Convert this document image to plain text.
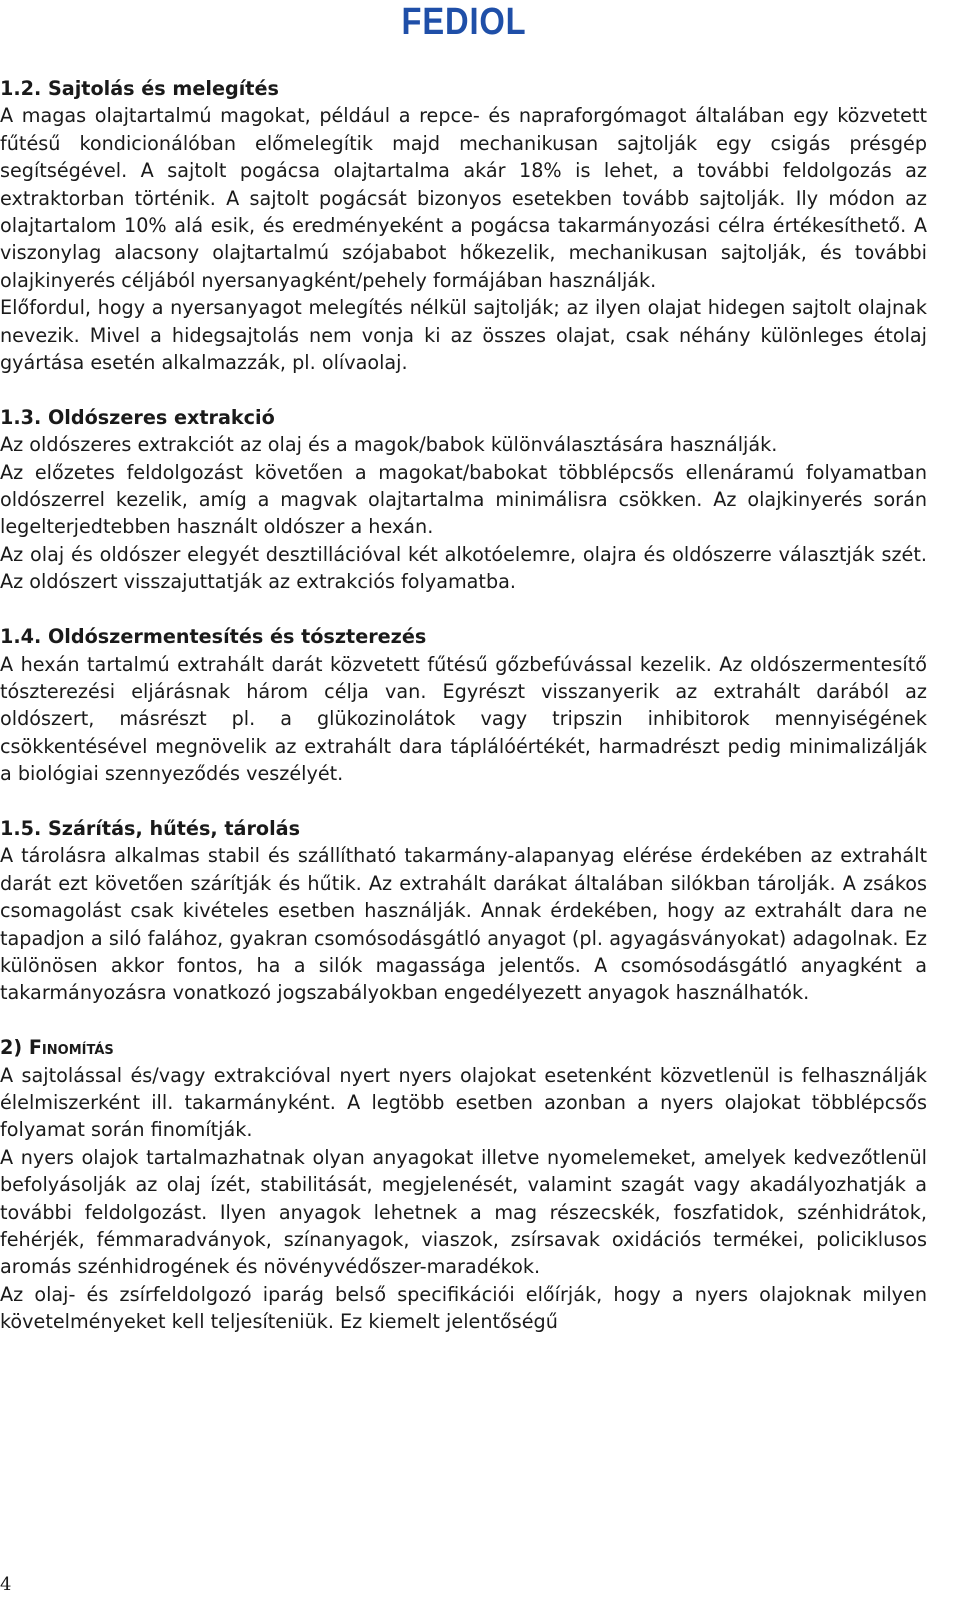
FEDIOL

1.2. Sajtolás és melegítés

A magas olajtartalmú magokat, például a repce- és napraforgómagot általában egy közvetett fűtésű kondicionálóban előmelegítik majd mechanikusan sajtolják egy csigás présgép segítségével. A sajtolt pogácsa olajtartalma akár 18% is lehet, a további feldolgozás az extraktorban történik. A sajtolt pogácsát bizonyos esetekben tovább sajtolják. Ily módon az olajtartalom 10% alá esik, és eredményeként a pogácsa takarmányozási célra értékesíthető. A viszonylag alacsony olajtartalmú szójababot hőkezelik, mechanikusan sajtolják, és további olajkinyerés céljából nyersanyagként/pehely formájában használják.

Előfordul, hogy a nyersanyagot melegítés nélkül sajtolják; az ilyen olajat hidegen sajtolt olajnak nevezik. Mivel a hidegsajtolás nem vonja ki az összes olajat, csak néhány különleges étolaj gyártása esetén alkalmazzák, pl. olívaolaj.

1.3. Oldószeres extrakció

Az oldószeres extrakciót az olaj és a magok/babok különválasztására használják.

Az előzetes feldolgozást követően a magokat/babokat többlépcsős ellenáramú folyamatban oldószerrel kezelik, amíg a magvak olajtartalma minimálisra csökken. Az olajkinyerés során legelterjedtebben használt oldószer a hexán.

Az olaj és oldószer elegyét desztillációval két alkotóelemre, olajra és oldószerre választják szét. Az oldószert visszajuttatják az extrakciós folyamatba.

1.4. Oldószermentesítés és tószterezés

A hexán tartalmú extrahált darát közvetett fűtésű gőzbefúvással kezelik. Az oldószermentesítő tószterezési eljárásnak három célja van. Egyrészt visszanyerik az extrahált darából az oldószert, másrészt pl. a glükozinolátok vagy tripszin inhibitorok mennyiségének csökkentésével megnövelik az extrahált dara táplálóértékét, harmadrészt pedig minimalizálják a biológiai szennyeződés veszélyét.

1.5. Szárítás, hűtés, tárolás

A tárolásra alkalmas stabil és szállítható takarmány-alapanyag elérése érdekében az extrahált darát ezt követően szárítják és hűtik. Az extrahált darákat általában silókban tárolják. A zsákos csomagolást csak kivételes esetben használják. Annak érdekében, hogy az extrahált dara ne tapadjon a siló falához, gyakran csomósodásgátló anyagot (pl. agyagásványokat) adagolnak. Ez különösen akkor fontos, ha a silók magassága jelentős. A csomósodásgátló anyagként a takarmányozásra vonatkozó jogszabályokban engedélyezett anyagok használhatók.

2) Finomítás

A sajtolással és/vagy extrakcióval nyert nyers olajokat esetenként közvetlenül is felhasználják élelmiszerként ill. takarmányként. A legtöbb esetben azonban a nyers olajokat többlépcsős folyamat során finomítják.

A nyers olajok tartalmazhatnak olyan anyagokat illetve nyomelemeket, amelyek kedvezőtlenül befolyásolják az olaj ízét, stabilitását, megjelenését, valamint szagát vagy akadályozhatják a további feldolgozást. Ilyen anyagok lehetnek a mag részecskék, foszfatidok, szénhidrátok, fehérjék, fémmaradványok, színanyagok, viaszok, zsírsavak oxidációs termékei, policiklusos aromás szénhidrogének és növényvédőszer-maradékok.

Az olaj- és zsírfeldolgozó iparág belső specifikációi előírják, hogy a nyers olajoknak milyen követelményeket kell teljesíteniük. Ez kiemelt jelentőségű

4
